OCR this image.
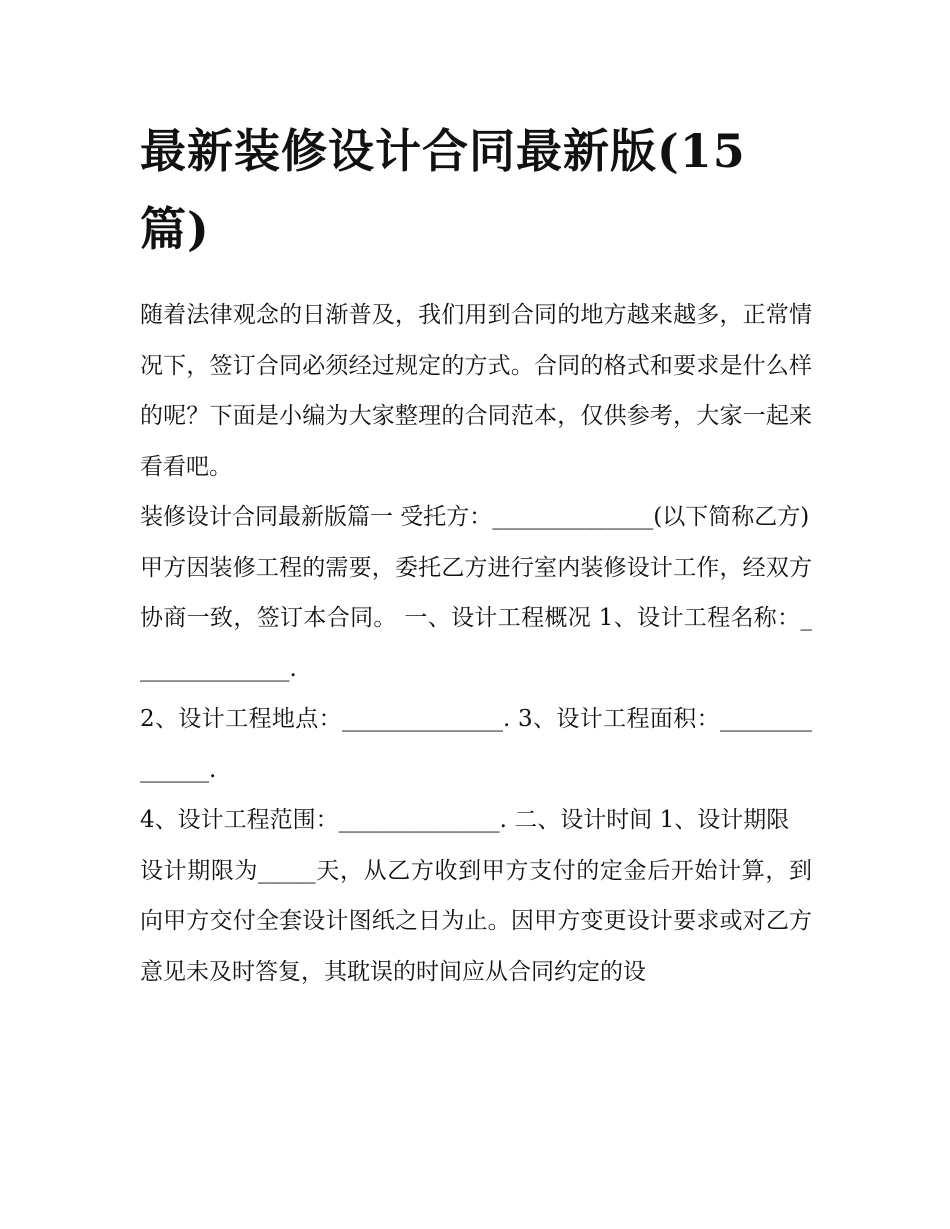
最新装修设计合同最新版(15篇)

随着法律观念的日渐普及，我们用到合同的地方越来越多，正常情况下，签订合同必须经过规定的方式。合同的格式和要求是什么样的呢？下面是小编为大家整理的合同范本，仅供参考，大家一起来看看吧。

装修设计合同最新版篇一 受托方：______________(以下简称乙方)

甲方因装修工程的需要，委托乙方进行室内装修设计工作，经双方协商一致，签订本合同。 一、设计工程概况 1、设计工程名称：______________.

2、设计工程地点：______________. 3、设计工程面积：______________.

4、设计工程范围：______________. 二、设计时间 1、设计期限

设计期限为_____天，从乙方收到甲方支付的定金后开始计算，到向甲方交付全套设计图纸之日为止。因甲方变更设计要求或对乙方意见未及时答复，其耽误的时间应从合同约定的设
